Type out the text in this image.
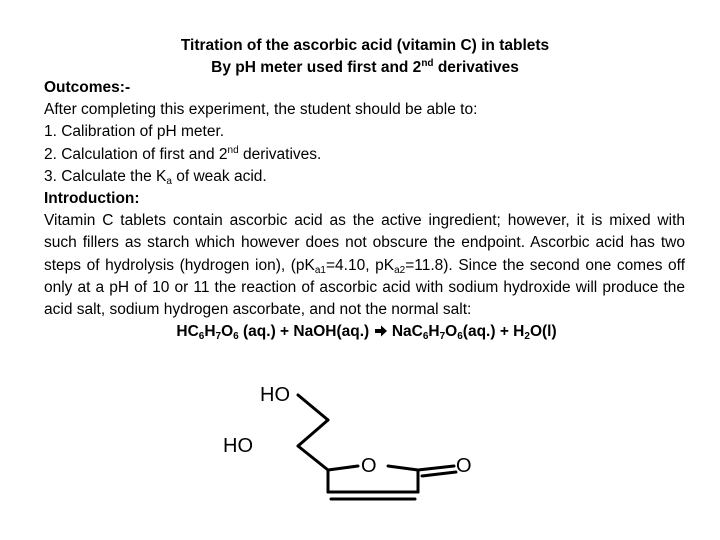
Titration of the ascorbic acid (vitamin C) in tablets
By pH meter used first and 2nd derivatives
Outcomes:-
After completing this experiment, the student should be able to:
1. Calibration of pH meter.
2. Calculation of first and 2nd derivatives.
3. Calculate the $K_a$ of weak acid.
Introduction:
Vitamin C tablets contain ascorbic acid as the active ingredient; however, it is mixed with such fillers as starch which however does not obscure the endpoint. Ascorbic acid has two steps of hydrolysis (hydrogen ion), ($pK_{a1}=4.10$, $pK_{a2}=11.8$). Since the second one comes off only at a pH of 10 or 11 the reaction of ascorbic acid with sodium hydroxide will produce the acid salt, sodium hydrogen ascorbate, and not the normal salt:
$HC_6H_7O_6$ (aq.) + NaOH(aq.) → $NaC_6H_7O_6(aq.) + H_2O(l)$
HO
HO
O	O
